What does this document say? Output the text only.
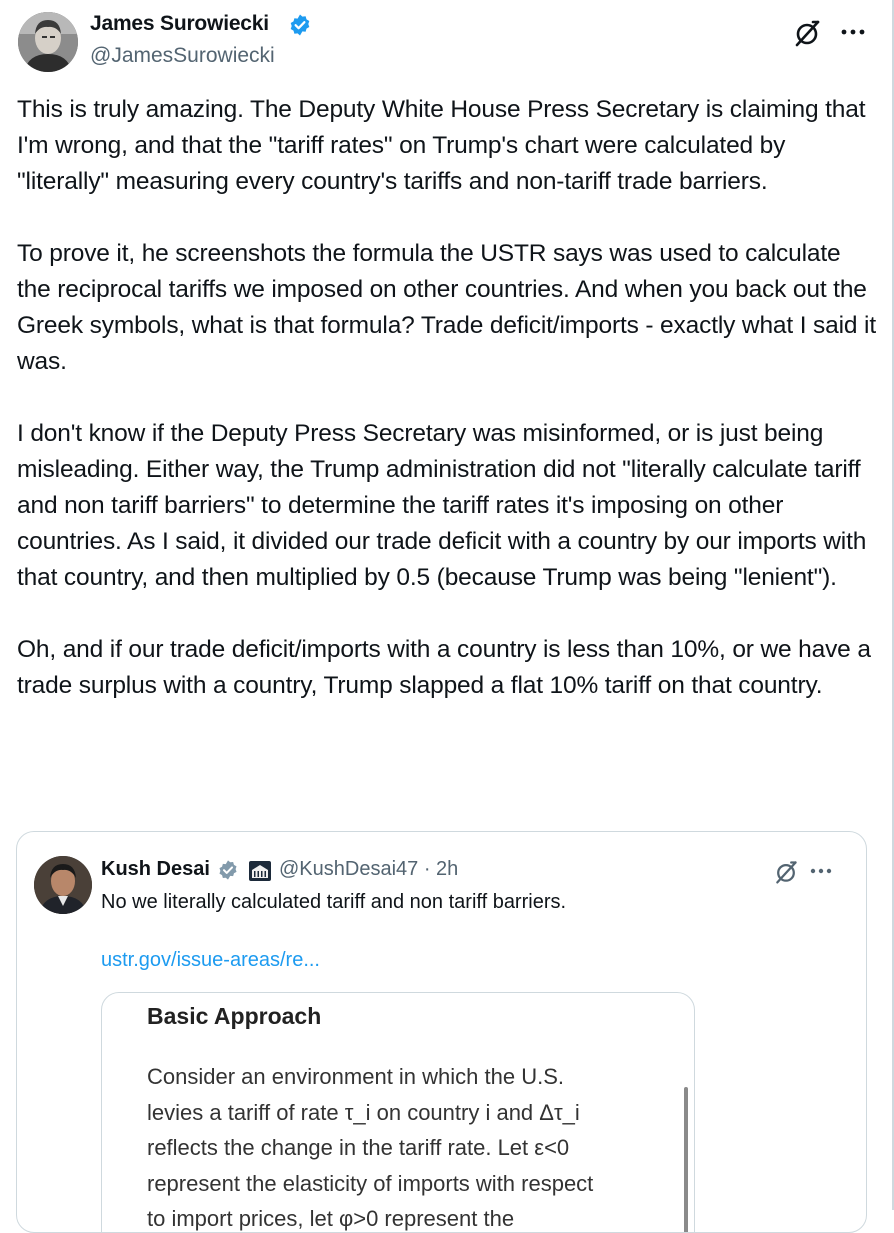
James Surowiecki
@JamesSurowiecki

This is truly amazing. The Deputy White House Press Secretary is claiming that I'm wrong, and that the "tariff rates" on Trump's chart were calculated by "literally" measuring every country's tariffs and non-tariff trade barriers.

To prove it, he screenshots the formula the USTR says was used to calculate the reciprocal tariffs we imposed on other countries. And when you back out the Greek symbols, what is that formula? Trade deficit/imports - exactly what I said it was.

I don't know if the Deputy Press Secretary was misinformed, or is just being misleading. Either way, the Trump administration did not "literally calculate tariff and non tariff barriers" to determine the tariff rates it's imposing on other countries. As I said, it divided our trade deficit with a country by our imports with that country, and then multiplied by 0.5 (because Trump was being "lenient").

Oh, and if our trade deficit/imports with a country is less than 10%, or we have a trade surplus with a country, Trump slapped a flat 10% tariff on that country.

Kush Desai	@KushDesai47 · 2h
No we literally calculated tariff and non tariff barriers.
ustr.gov/issue-areas/re...
Basic Approach
Consider an environment in which the U.S.
levies a tariff of rate τ_i on country i and Δτ_i
reflects the change in the tariff rate. Let ε<0
represent the elasticity of imports with respect
to import prices, let φ>0 represent the
